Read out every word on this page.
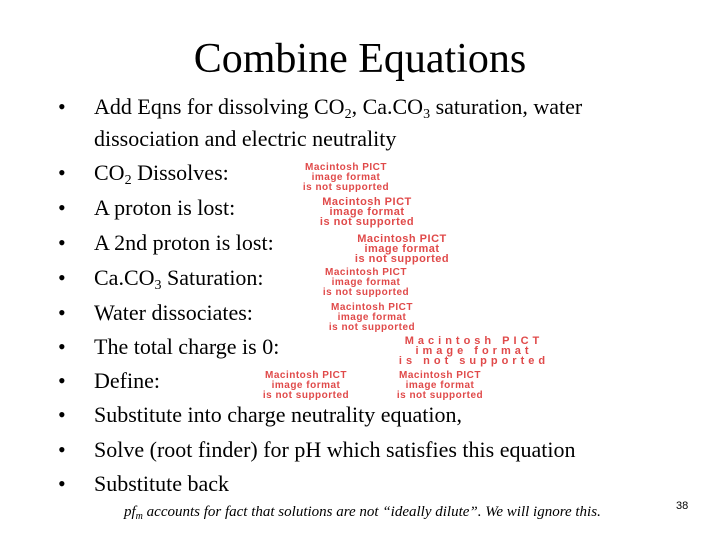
Combine Equations
• Add Eqns for dissolving $CO_2$, $Ca.CO_3$ saturation, water
dissociation and electric neutrality
• $CO_2$ Dissolves:
• A proton is lost:
• A 2nd proton is lost:
• $Ca.CO_3$ Saturation:
• Water dissociates:
• The total charge is 0:
• Define:
• Substitute into charge neutrality equation,
• Solve (root finder) for pH which satisfies this equation
• Substitute back
Macintosh PICT
image format
is not supported
Macintosh PICT
image format
is not supported
Macintosh PICT
image format
is not supported
Macintosh PICT
image format
is not supported
Macintosh PICT
image format
is not supported
Macintosh PICT
image format
is not supported
Macintosh PICT
image format
is not supported
Macintosh PICT
image format
is not supported
$pf_m$ accounts for fact that solutions are not “ideally dilute”. We will ignore this.	38
